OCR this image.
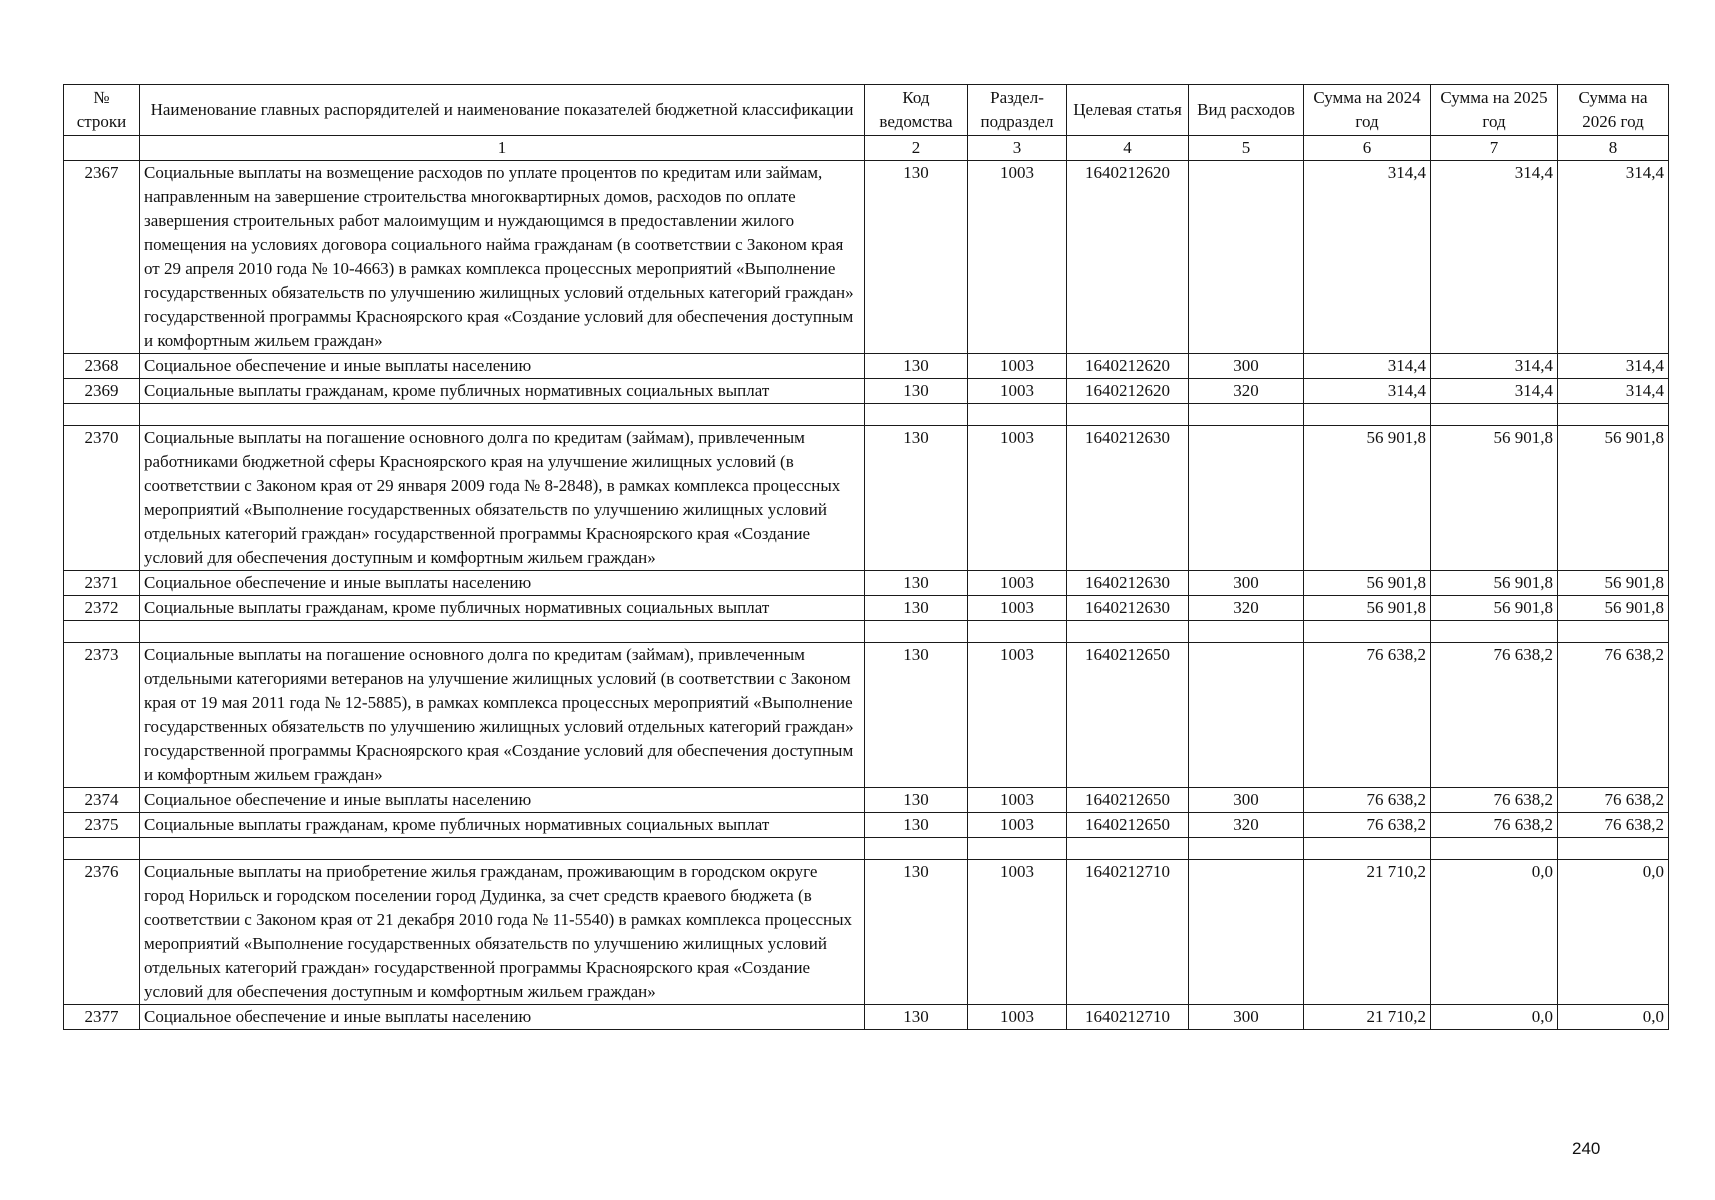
№ строки	Наименование главных распорядителей и наименование показателей бюджетной классификации	Код ведомства	Раздел-подраздел	Целевая статья	Вид расходов	Сумма на 2024 год	Сумма на 2025 год	Сумма на 2026 год
	1	2	3	4	5	6	7	8
2367	Социальные выплаты на возмещение расходов по уплате процентов по кредитам или займам, направленным на завершение строительства многоквартирных домов, расходов по оплате завершения строительных работ малоимущим и нуждающимся в предоставлении жилого помещения на условиях договора социального найма гражданам (в соответствии с Законом края от 29 апреля 2010 года № 10-4663) в рамках комплекса процессных мероприятий «Выполнение государственных обязательств по улучшению жилищных условий отдельных категорий граждан» государственной программы Красноярского края «Создание условий для обеспечения доступным и комфортным жильем граждан»	130	1003	1640212620		314,4	314,4	314,4
2368	Социальное обеспечение и иные выплаты населению	130	1003	1640212620	300	314,4	314,4	314,4
2369	Социальные выплаты гражданам, кроме публичных нормативных социальных выплат	130	1003	1640212620	320	314,4	314,4	314,4

2370	Социальные выплаты на погашение основного долга по кредитам (займам), привлеченным работниками бюджетной сферы Красноярского края на улучшение жилищных условий (в соответствии с Законом края от 29 января 2009 года № 8-2848), в рамках комплекса процессных мероприятий «Выполнение государственных обязательств по улучшению жилищных условий отдельных категорий граждан» государственной программы Красноярского края «Создание условий для обеспечения доступным и комфортным жильем граждан»	130	1003	1640212630		56 901,8	56 901,8	56 901,8
2371	Социальное обеспечение и иные выплаты населению	130	1003	1640212630	300	56 901,8	56 901,8	56 901,8
2372	Социальные выплаты гражданам, кроме публичных нормативных социальных выплат	130	1003	1640212630	320	56 901,8	56 901,8	56 901,8

2373	Социальные выплаты на погашение основного долга по кредитам (займам), привлеченным отдельными категориями ветеранов на улучшение жилищных условий (в соответствии с Законом края от 19 мая 2011 года № 12-5885), в рамках комплекса процессных мероприятий «Выполнение государственных обязательств по улучшению жилищных условий отдельных категорий граждан» государственной программы Красноярского края «Создание условий для обеспечения доступным и комфортным жильем граждан»	130	1003	1640212650		76 638,2	76 638,2	76 638,2
2374	Социальное обеспечение и иные выплаты населению	130	1003	1640212650	300	76 638,2	76 638,2	76 638,2
2375	Социальные выплаты гражданам, кроме публичных нормативных социальных выплат	130	1003	1640212650	320	76 638,2	76 638,2	76 638,2

2376	Социальные выплаты на приобретение жилья гражданам, проживающим в городском округе город Норильск и городском поселении город Дудинка, за счет средств краевого бюджета (в соответствии с Законом края от 21 декабря 2010 года № 11-5540) в рамках комплекса процессных мероприятий «Выполнение государственных обязательств по улучшению жилищных условий отдельных категорий граждан» государственной программы Красноярского края «Создание условий для обеспечения доступным и комфортным жильем граждан»	130	1003	1640212710		21 710,2	0,0	0,0
2377	Социальное обеспечение и иные выплаты населению	130	1003	1640212710	300	21 710,2	0,0	0,0
240
